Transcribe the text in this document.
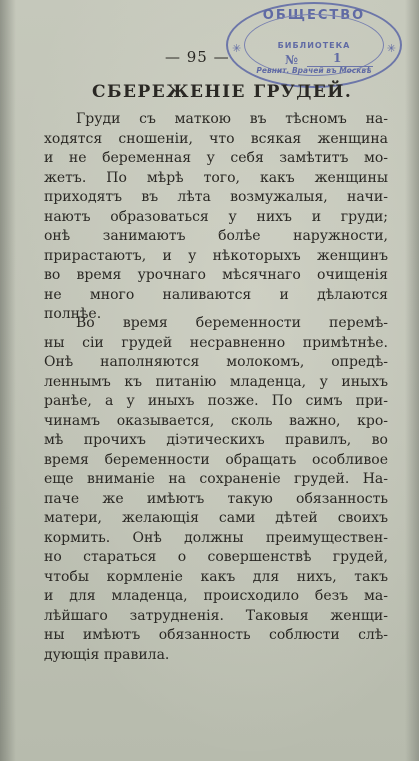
ОБЩЕСТВО
БИБЛИОТЕКА
№	1
✳	✳
Ревнит. Врачей въ Москвѣ
— 95 —
СБЕРЕЖЕНІЕ ГРУДЕЙ.
Груди съ маткою въ тѣсномъ на-
ходятся сношеніи, что всякая женщина
и не беременная у себя замѣтитъ мо-
жетъ. По мѣрѣ того, какъ женщины
приходятъ въ лѣта возмужалыя, начи-
наютъ образоваться у нихъ и груди;
онѣ занимаютъ болѣе наружности,
прирастаютъ, и у нѣкоторыхъ женщинъ
во время урочнаго мѣсячнаго очищенія
не много наливаются и дѣлаются
полнѣе.
Во время беременности перемѣ-
ны сіи грудей несравненно примѣтнѣе.
Онѣ наполняются молокомъ, опредѣ-
леннымъ къ питанію младенца, у иныхъ
ранѣе, а у иныхъ позже. По симъ при-
чинамъ оказывается, сколь важно, кро-
мѣ прочихъ діэтическихъ правилъ, во
время беременности обращать особливое
еще вниманіе на сохраненіе грудей. На-
паче же имѣютъ такую обязанность
матери, желающія сами дѣтей своихъ
кормить. Онѣ должны преимуществен-
но стараться о совершенствѣ грудей,
чтобы кормленіе какъ для нихъ, такъ
и для младенца, происходило безъ ма-
лѣйшаго затрудненія. Таковыя женщи-
ны имѣютъ обязанность соблюсти слѣ-
дующія правила.
